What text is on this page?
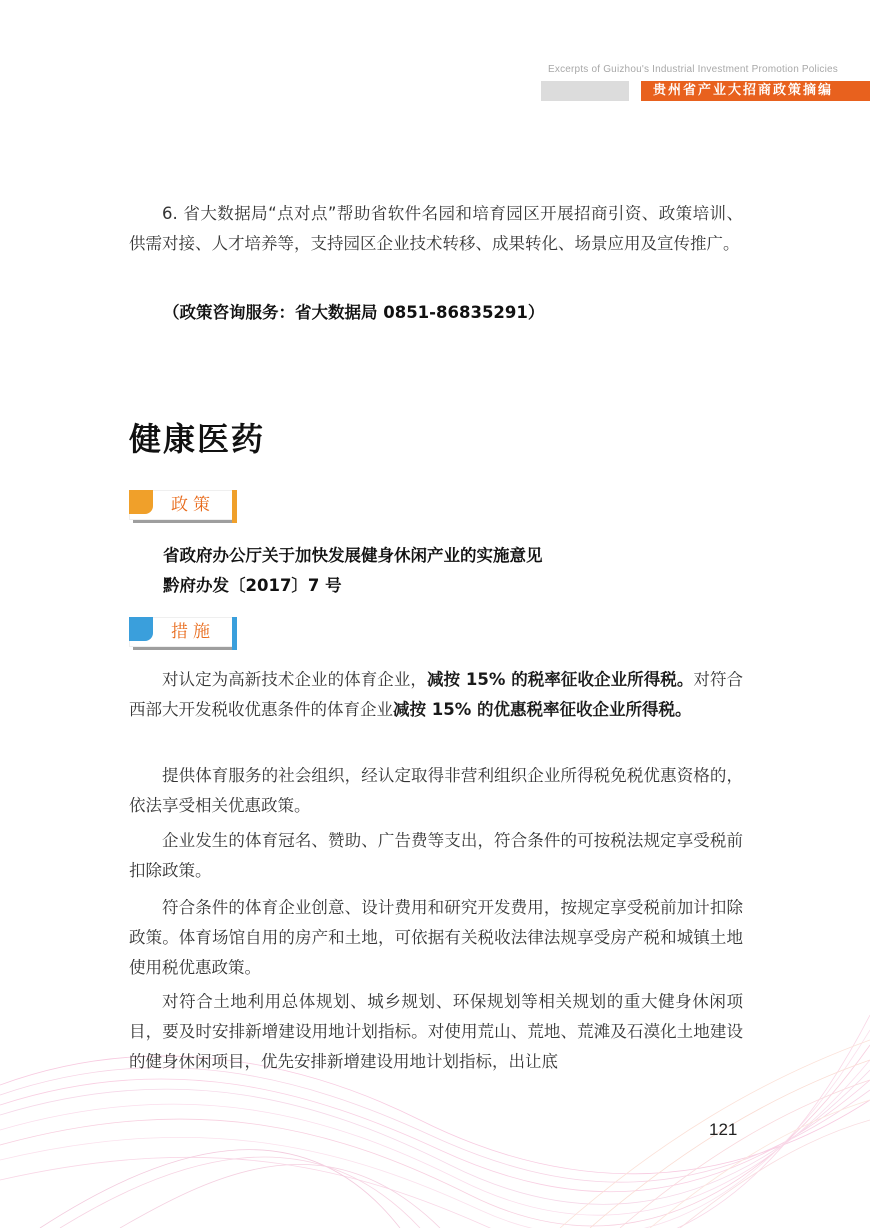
Excerpts of Guizhou's Industrial Investment Promotion Policies
贵州省产业大招商政策摘编

6. 省大数据局“点对点”帮助省软件名园和培育园区开展招商引资、政策培训、供需对接、人才培养等，支持园区企业技术转移、成果转化、场景应用及宣传推广。

（政策咨询服务：省大数据局 0851-86835291）
健康医药
政策
省政府办公厅关于加快发展健身休闲产业的实施意见
黔府办发〔2017〕7 号
措施

对认定为高新技术企业的体育企业，减按 15% 的税率征收企业所得税。对符合西部大开发税收优惠条件的体育企业减按 15% 的优惠税率征收企业所得税。

提供体育服务的社会组织，经认定取得非营利组织企业所得税免税优惠资格的，依法享受相关优惠政策。

企业发生的体育冠名、赞助、广告费等支出，符合条件的可按税法规定享受税前扣除政策。

符合条件的体育企业创意、设计费用和研究开发费用，按规定享受税前加计扣除政策。体育场馆自用的房产和土地，可依据有关税收法律法规享受房产税和城镇土地使用税优惠政策。

对符合土地利用总体规划、城乡规划、环保规划等相关规划的重大健身休闲项目，要及时安排新增建设用地计划指标。对使用荒山、荒地、荒滩及石漠化土地建设的健身休闲项目，优先安排新增建设用地计划指标，出让底

121
